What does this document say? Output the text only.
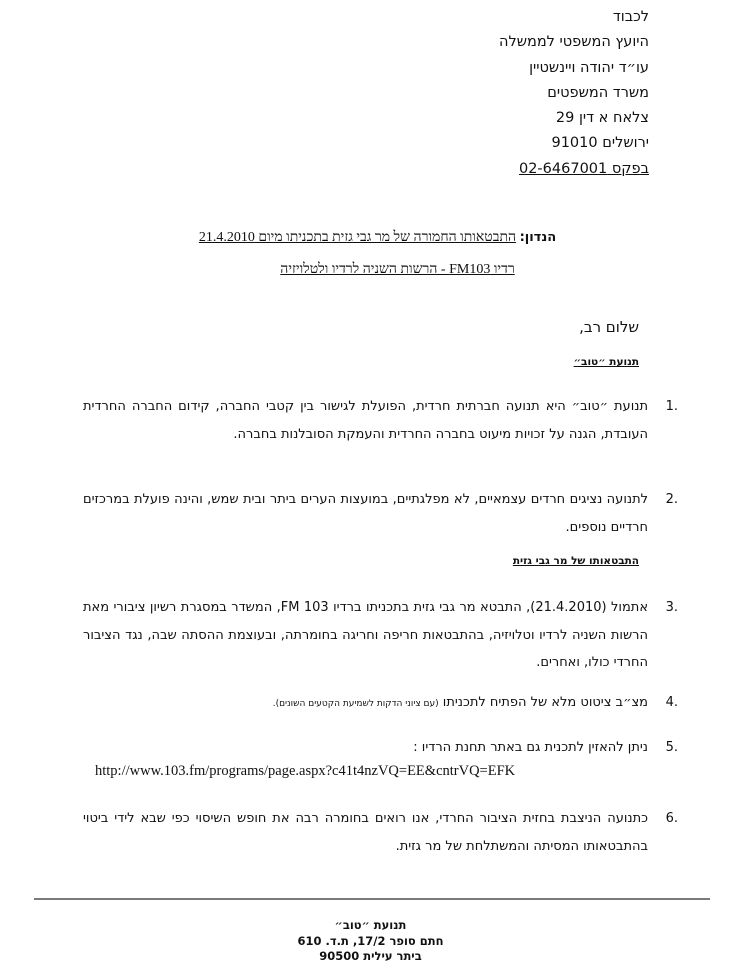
לכבוד
היועץ המשפטי לממשלה
עו״ד יהודה ויינשטיין
משרד המשפטים
צלאח א דין 29
ירושלים 91010
בפקס 02-6467001
הנדון: התבטאותו החמורה של מר גבי גזית בתכניתו מיום 21.4.2010
רדיו FM103 - הרשות השניה לרדיו ולטלויזיה
שלום רב,
תנועת ״טוב״
1.
תנועת ״טוב״ היא תנועה חברתית חרדית, הפועלת לגישור בין קטבי החברה, קידום החברה החרדית העובדת, הגנה על זכויות מיעוט בחברה החרדית והעמקת הסובלנות בחברה.
2.
לתנועה נציגים חרדים עצמאיים, לא מפלגתיים, במועצות הערים ביתר ובית שמש, והינה פועלת במרכזים חרדיים נוספים.
התבטאותו של מר גבי גזית
3.
אתמול (21.4.2010), התבטא מר גבי גזית בתכניתו ברדיו FM 103, המשדר במסגרת רשיון ציבורי מאת הרשות השניה לרדיו וטלויזיה, בהתבטאות חריפה וחריגה בחומרתה, ובעוצמת ההסתה שבה, נגד הציבור החרדי כולו, ואחרים.
4.
מצ״ב ציטוט מלא של הפתיח לתכניתו (עם ציוני הדקות לשמיעת הקטעים השונים).
5.
ניתן להאזין לתכנית גם באתר תחנת הרדיו :
http://www.103.fm/programs/page.aspx?c41t4nzVQ=EE&cntrVQ=EFK
6.
כתנועה הניצבת בחזית הציבור החרדי, אנו רואים בחומרה רבה את חופש השיסוי כפי שבא לידי ביטוי בהתבטאותו המסיתה והמשתלחת של מר גזית.
תנועת ״טוב״
חתם סופר 17/2, ת.ד. 610
ביתר עילית 90500
